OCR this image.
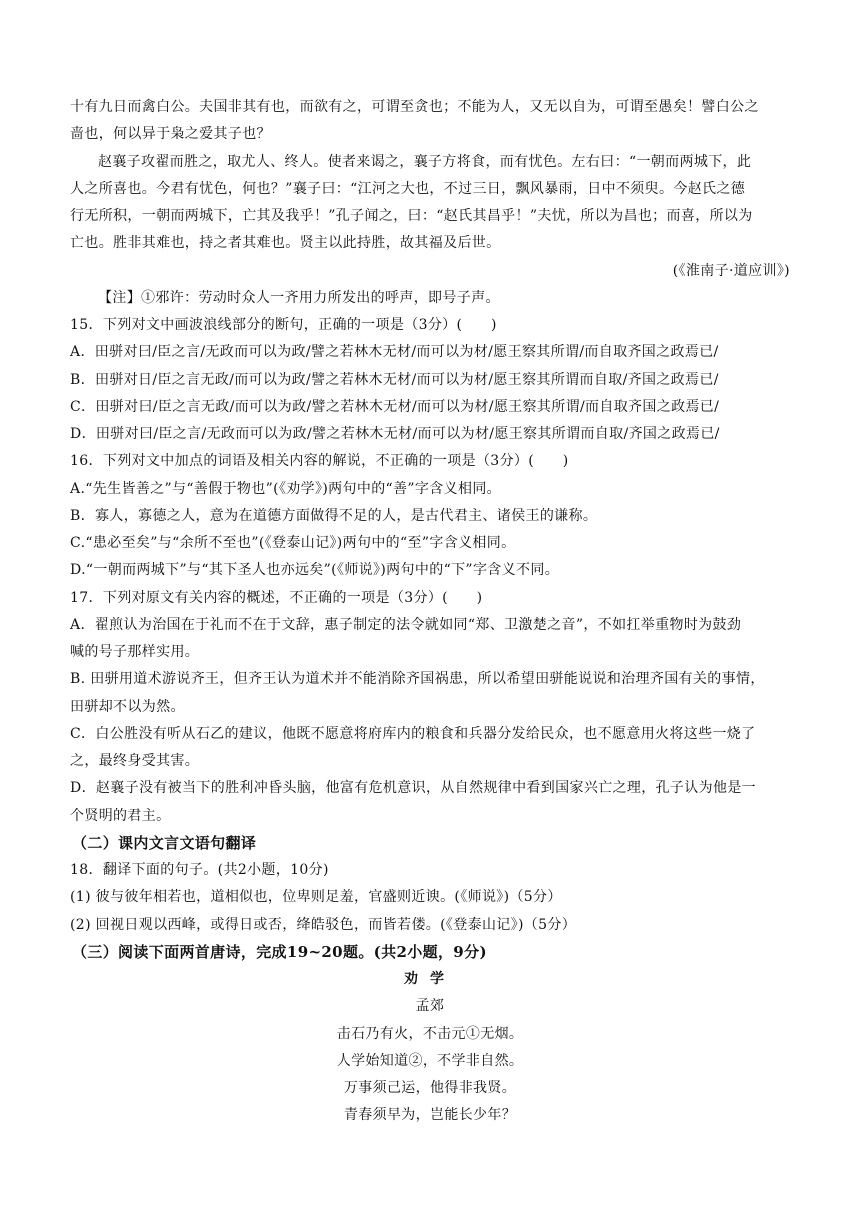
十有九日而禽白公。夫国非其有也，而欲有之，可谓至贪也；不能为人，又无以自为，可谓至愚矣！譬白公之
啬也，何以异于枭之爱其子也？
赵襄子攻翟而胜之，取尤人、终人。使者来谒之，襄子方将食，而有忧色。左右曰：“一朝而两城下，此
人之所喜也。今君有忧色，何也？”襄子曰：“江河之大也，不过三日，飘风暴雨，日中不须臾。今赵氏之德
行无所积，一朝而两城下，亡其及我乎！”孔子闻之，曰：“赵氏其昌乎！”夫忧，所以为昌也；而喜，所以为
亡也。胜非其难也，持之者其难也。贤主以此持胜，故其福及后世。
(《淮南子·道应训》)
【注】①邪许：劳动时众人一齐用力所发出的呼声，即号子声。
15．下列对文中画波浪线部分的断句，正确的一项是（3分）(　　)
A．田骈对曰/臣之言/无政而可以为政/譬之若林木无材/而可以为材/愿王察其所谓/而自取齐国之政焉已/
B．田骈对日/臣之言无政/而可以为政/譬之若林木无材/而可以为材/愿王察其所谓而自取/齐国之政焉已/
C．田骈对曰/臣之言无政/而可以为政/譬之若林木无材/而可以为材/愿王察其所谓/而自取齐国之政焉已/
D．田骈对曰/臣之言/无政而可以为政/譬之若林木无材/而可以为材/愿王察其所谓而自取/齐国之政焉已/
16．下列对文中加点的词语及相关内容的解说，不正确的一项是（3分）(　　)
A.“先生皆善之”与“善假于物也”(《劝学》)两句中的“善”字含义相同。
B．寡人，寡德之人，意为在道德方面做得不足的人，是古代君主、诸侯王的谦称。
C.“患必至矣”与“余所不至也”(《登泰山记》)两句中的“至”字含义相同。
D.“一朝而两城下”与“其下圣人也亦远矣”(《师说》)两句中的“下”字含义不同。
17．下列对原文有关内容的概述，不正确的一项是（3分）(　　)
A．翟煎认为治国在于礼而不在于文辞，惠子制定的法令就如同“郑、卫激楚之音”，不如扛举重物时为鼓劲
喊的号子那样实用。
B. 田骈用道术游说齐王，但齐王认为道术并不能消除齐国祸患，所以希望田骈能说说和治理齐国有关的事情，
田骈却不以为然。
C．白公胜没有听从石乙的建议，他既不愿意将府库内的粮食和兵器分发给民众，也不愿意用火将这些一烧了
之，最终身受其害。
D．赵襄子没有被当下的胜利冲昏头脑，他富有危机意识，从自然规律中看到国家兴亡之理，孔子认为他是一
个贤明的君主。
（二）课内文言文语句翻译
18．翻译下面的句子。(共2小题，10分)
(1) 彼与彼年相若也，道相似也，位卑则足羞，官盛则近谀。(《师说》)（5分）
(2) 回视日观以西峰，或得日或否，绛皓驳色，而皆若偻。(《登泰山记》)（5分）
（三）阅读下面两首唐诗，完成19~20题。(共2小题，9分)
劝学
孟郊
击石乃有火，不击元①无烟。
人学始知道②，不学非自然。
万事须己运，他得非我贤。
青春须早为，岂能长少年？
